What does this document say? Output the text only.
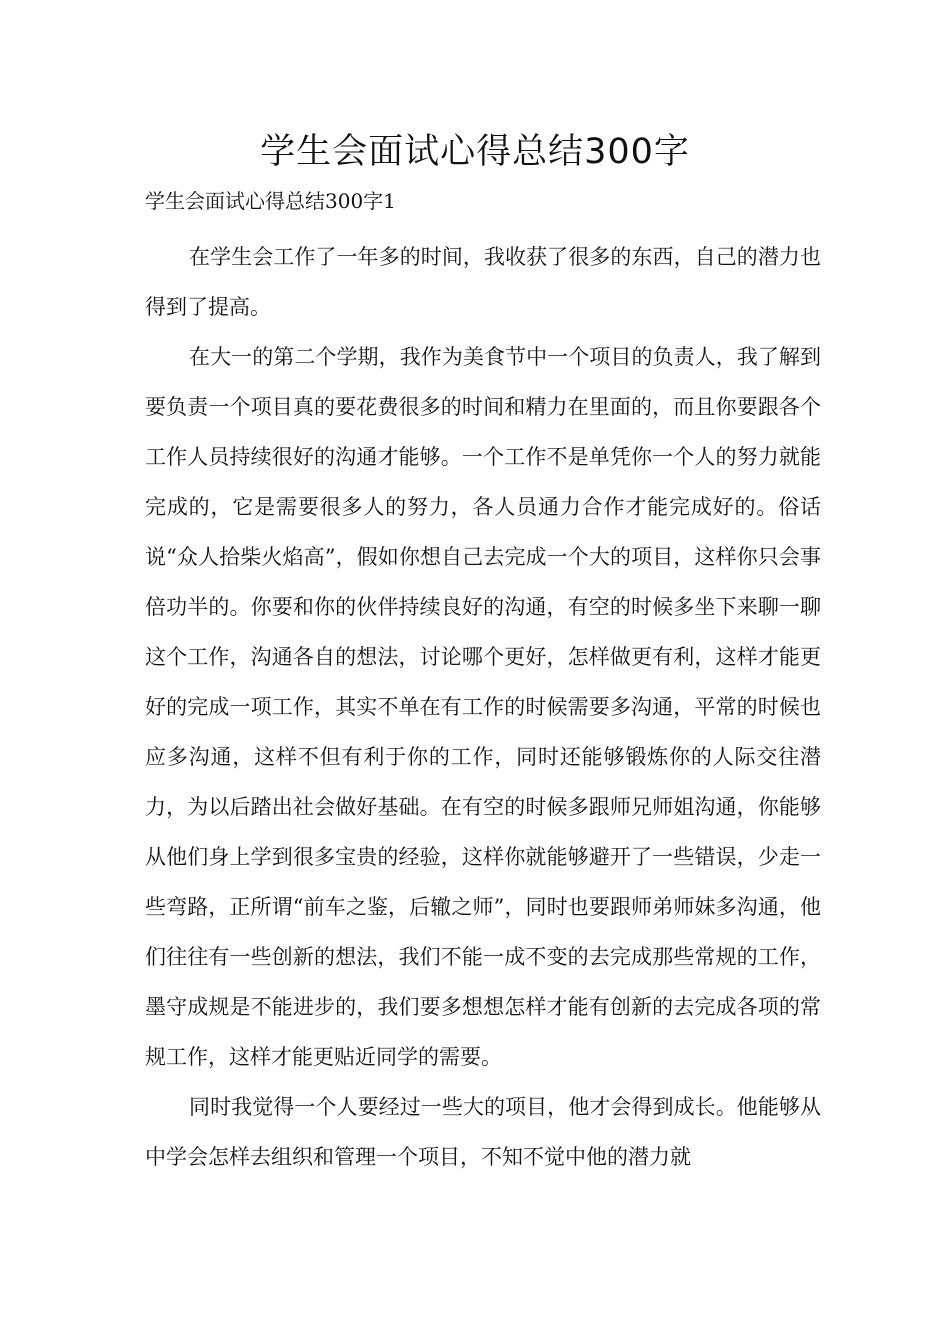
学生会面试心得总结300字

学生会面试心得总结300字1

在学生会工作了一年多的时间，我收获了很多的东西，自己的潜力也得到了提高。

在大一的第二个学期，我作为美食节中一个项目的负责人，我了解到要负责一个项目真的要花费很多的时间和精力在里面的，而且你要跟各个工作人员持续很好的沟通才能够。一个工作不是单凭你一个人的努力就能完成的，它是需要很多人的努力，各人员通力合作才能完成好的。俗话说“众人拾柴火焰高”，假如你想自己去完成一个大的项目，这样你只会事倍功半的。你要和你的伙伴持续良好的沟通，有空的时候多坐下来聊一聊这个工作，沟通各自的想法，讨论哪个更好，怎样做更有利，这样才能更好的完成一项工作，其实不单在有工作的时候需要多沟通，平常的时候也应多沟通，这样不但有利于你的工作，同时还能够锻炼你的人际交往潜力，为以后踏出社会做好基础。在有空的时候多跟师兄师姐沟通，你能够从他们身上学到很多宝贵的经验，这样你就能够避开了一些错误，少走一些弯路，正所谓“前车之鉴，后辙之师”，同时也要跟师弟师妹多沟通，他们往往有一些创新的想法，我们不能一成不变的去完成那些常规的工作，墨守成规是不能进步的，我们要多想想怎样才能有创新的去完成各项的常规工作，这样才能更贴近同学的需要。

同时我觉得一个人要经过一些大的项目，他才会得到成长。他能够从中学会怎样去组织和管理一个项目，不知不觉中他的潜力就
